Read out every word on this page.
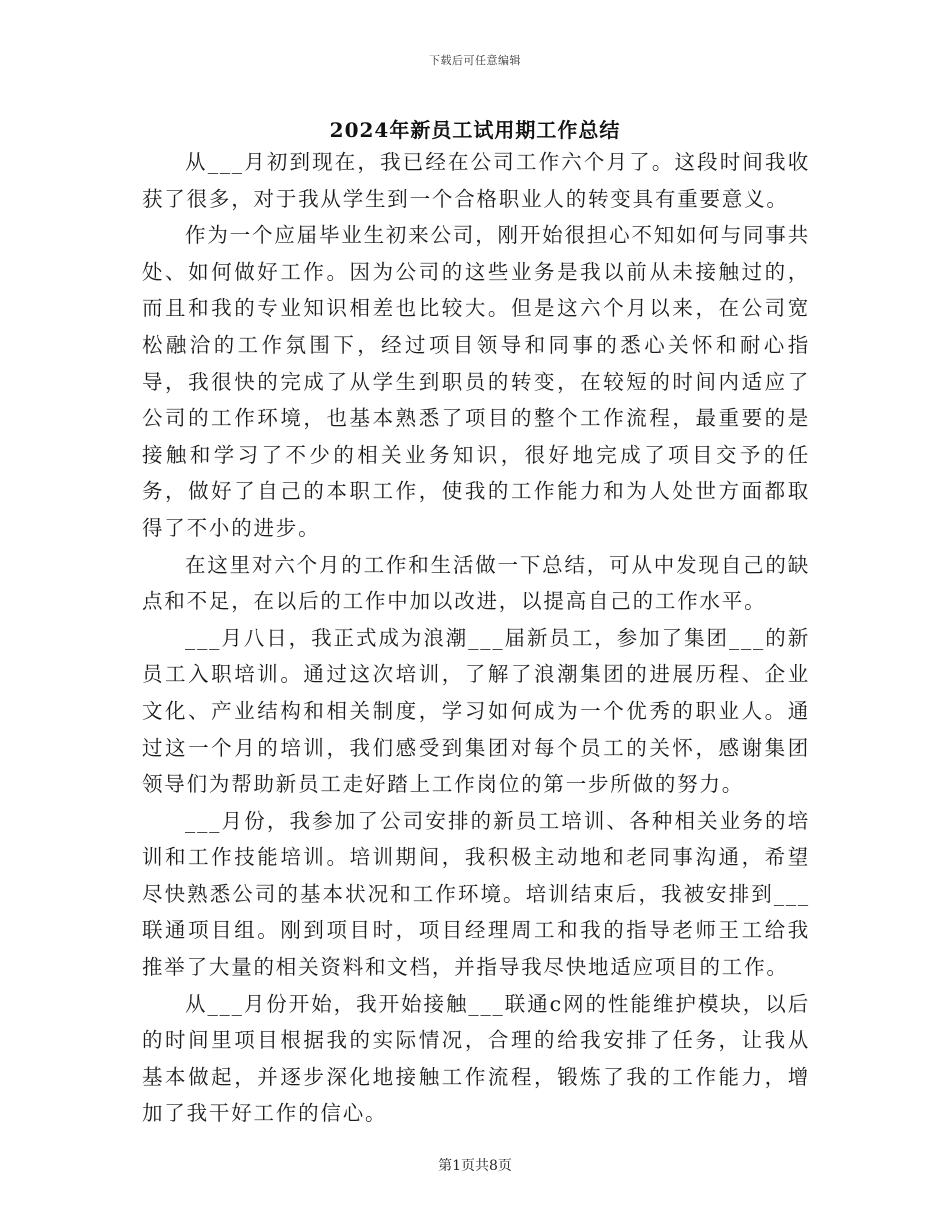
下载后可任意编辑
2024年新员工试用期工作总结

从___月初到现在，我已经在公司工作六个月了。这段时间我收获了很多，对于我从学生到一个合格职业人的转变具有重要意义。

作为一个应届毕业生初来公司，刚开始很担心不知如何与同事共处、如何做好工作。因为公司的这些业务是我以前从未接触过的，而且和我的专业知识相差也比较大。但是这六个月以来，在公司宽松融洽的工作氛围下，经过项目领导和同事的悉心关怀和耐心指导，我很快的完成了从学生到职员的转变，在较短的时间内适应了公司的工作环境，也基本熟悉了项目的整个工作流程，最重要的是接触和学习了不少的相关业务知识，很好地完成了项目交予的任务，做好了自己的本职工作，使我的工作能力和为人处世方面都取得了不小的进步。

在这里对六个月的工作和生活做一下总结，可从中发现自己的缺点和不足，在以后的工作中加以改进，以提高自己的工作水平。

___月八日，我正式成为浪潮___届新员工，参加了集团___的新员工入职培训。通过这次培训，了解了浪潮集团的进展历程、企业文化、产业结构和相关制度，学习如何成为一个优秀的职业人。通过这一个月的培训，我们感受到集团对每个员工的关怀，感谢集团领导们为帮助新员工走好踏上工作岗位的第一步所做的努力。

___月份，我参加了公司安排的新员工培训、各种相关业务的培训和工作技能培训。培训期间，我积极主动地和老同事沟通，希望尽快熟悉公司的基本状况和工作环境。培训结束后，我被安排到___联通项目组。刚到项目时，项目经理周工和我的指导老师王工给我推举了大量的相关资料和文档，并指导我尽快地适应项目的工作。

从___月份开始，我开始接触___联通c网的性能维护模块，以后的时间里项目根据我的实际情况，合理的给我安排了任务，让我从基本做起，并逐步深化地接触工作流程，锻炼了我的工作能力，增加了我干好工作的信心。

第1页共8页
